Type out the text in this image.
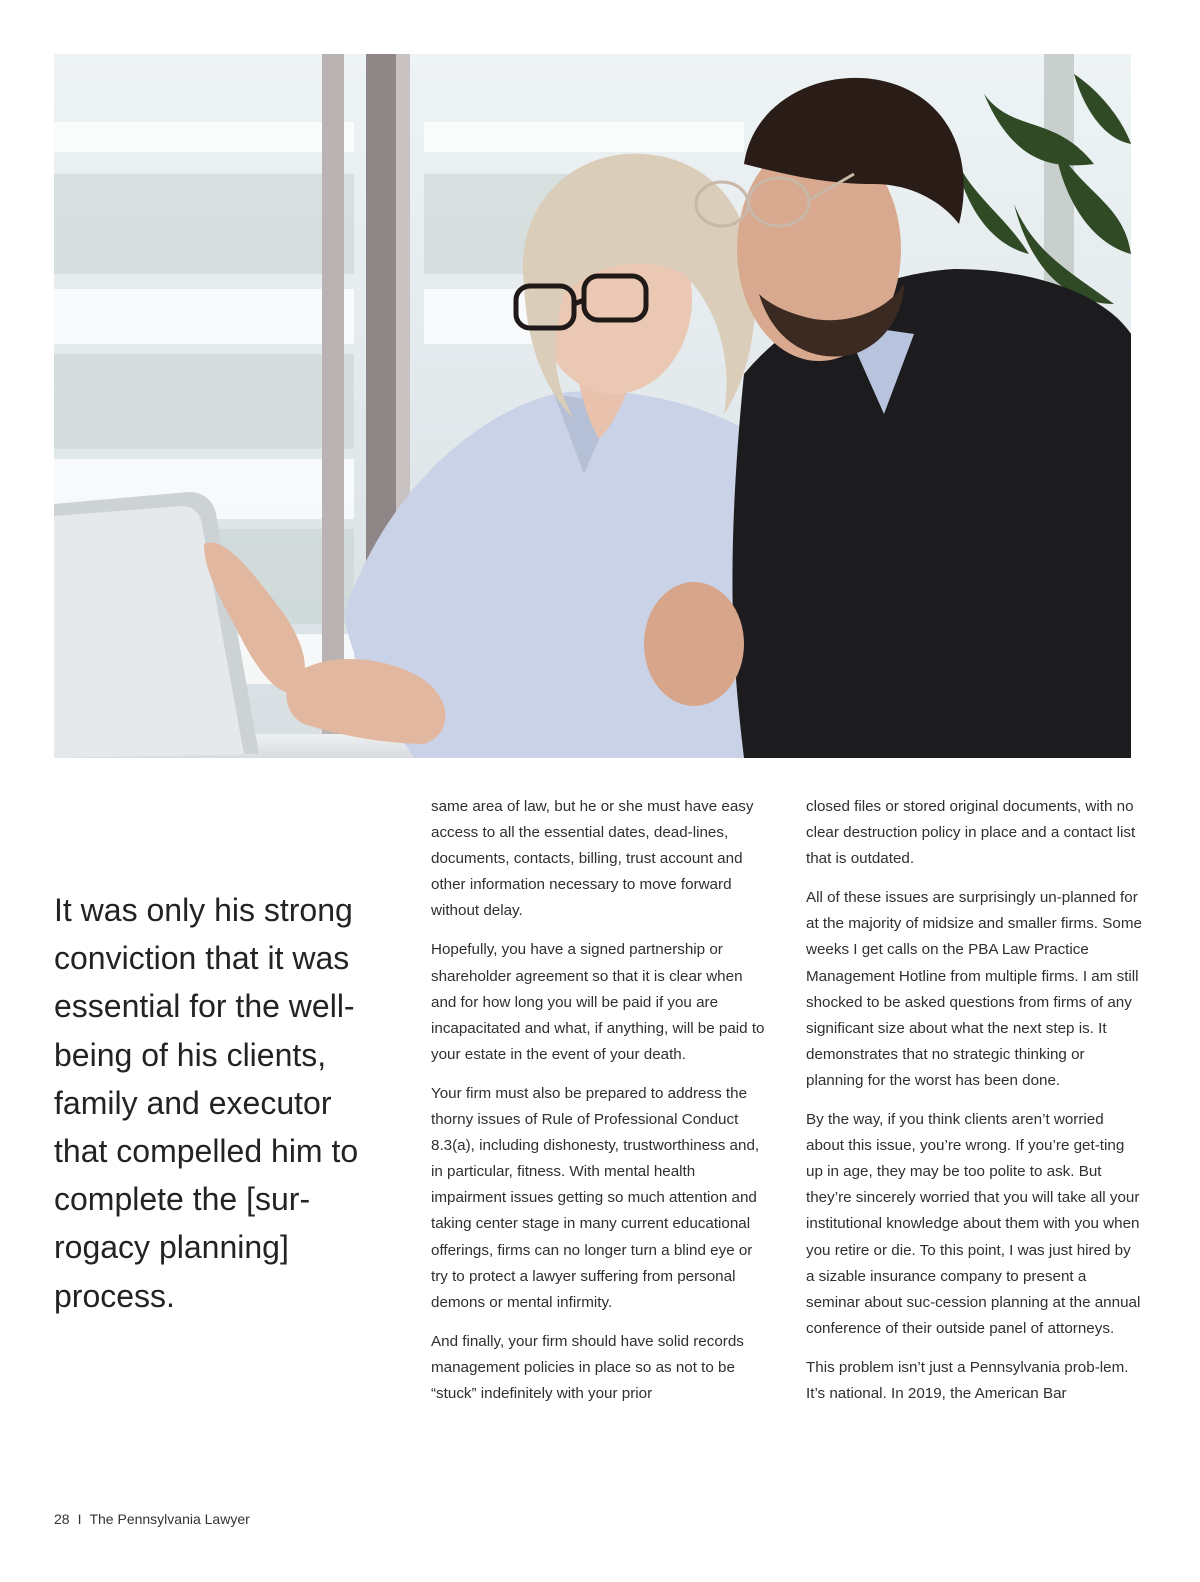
It was only his strong conviction that it was essential for the well-being of his clients, family and executor that compelled him to complete the [sur-rogacy planning] process.

same area of law, but he or she must have easy access to all the essential dates, dead-lines, documents, contacts, billing, trust account and other information necessary to move forward without delay.

Hopefully, you have a signed partnership or shareholder agreement so that it is clear when and for how long you will be paid if you are incapacitated and what, if anything, will be paid to your estate in the event of your death.

Your firm must also be prepared to address the thorny issues of Rule of Professional Conduct 8.3(a), including dishonesty, trustworthiness and, in particular, fitness. With mental health impairment issues getting so much attention and taking center stage in many current educational offerings, firms can no longer turn a blind eye or try to protect a lawyer suffering from personal demons or mental infirmity.

And finally, your firm should have solid records management policies in place so as not to be “stuck” indefinitely with your prior

closed files or stored original documents, with no clear destruction policy in place and a contact list that is outdated.

All of these issues are surprisingly un-planned for at the majority of midsize and smaller firms. Some weeks I get calls on the PBA Law Practice Management Hotline from multiple firms. I am still shocked to be asked questions from firms of any significant size about what the next step is. It demonstrates that no strategic thinking or planning for the worst has been done.

By the way, if you think clients aren’t worried about this issue, you’re wrong. If you’re get-ting up in age, they may be too polite to ask. But they’re sincerely worried that you will take all your institutional knowledge about them with you when you retire or die. To this point, I was just hired by a sizable insurance company to present a seminar about suc-cession planning at the annual conference of their outside panel of attorneys.

This problem isn’t just a Pennsylvania prob-lem. It’s national. In 2019, the American Bar

28 I The Pennsylvania Lawyer
